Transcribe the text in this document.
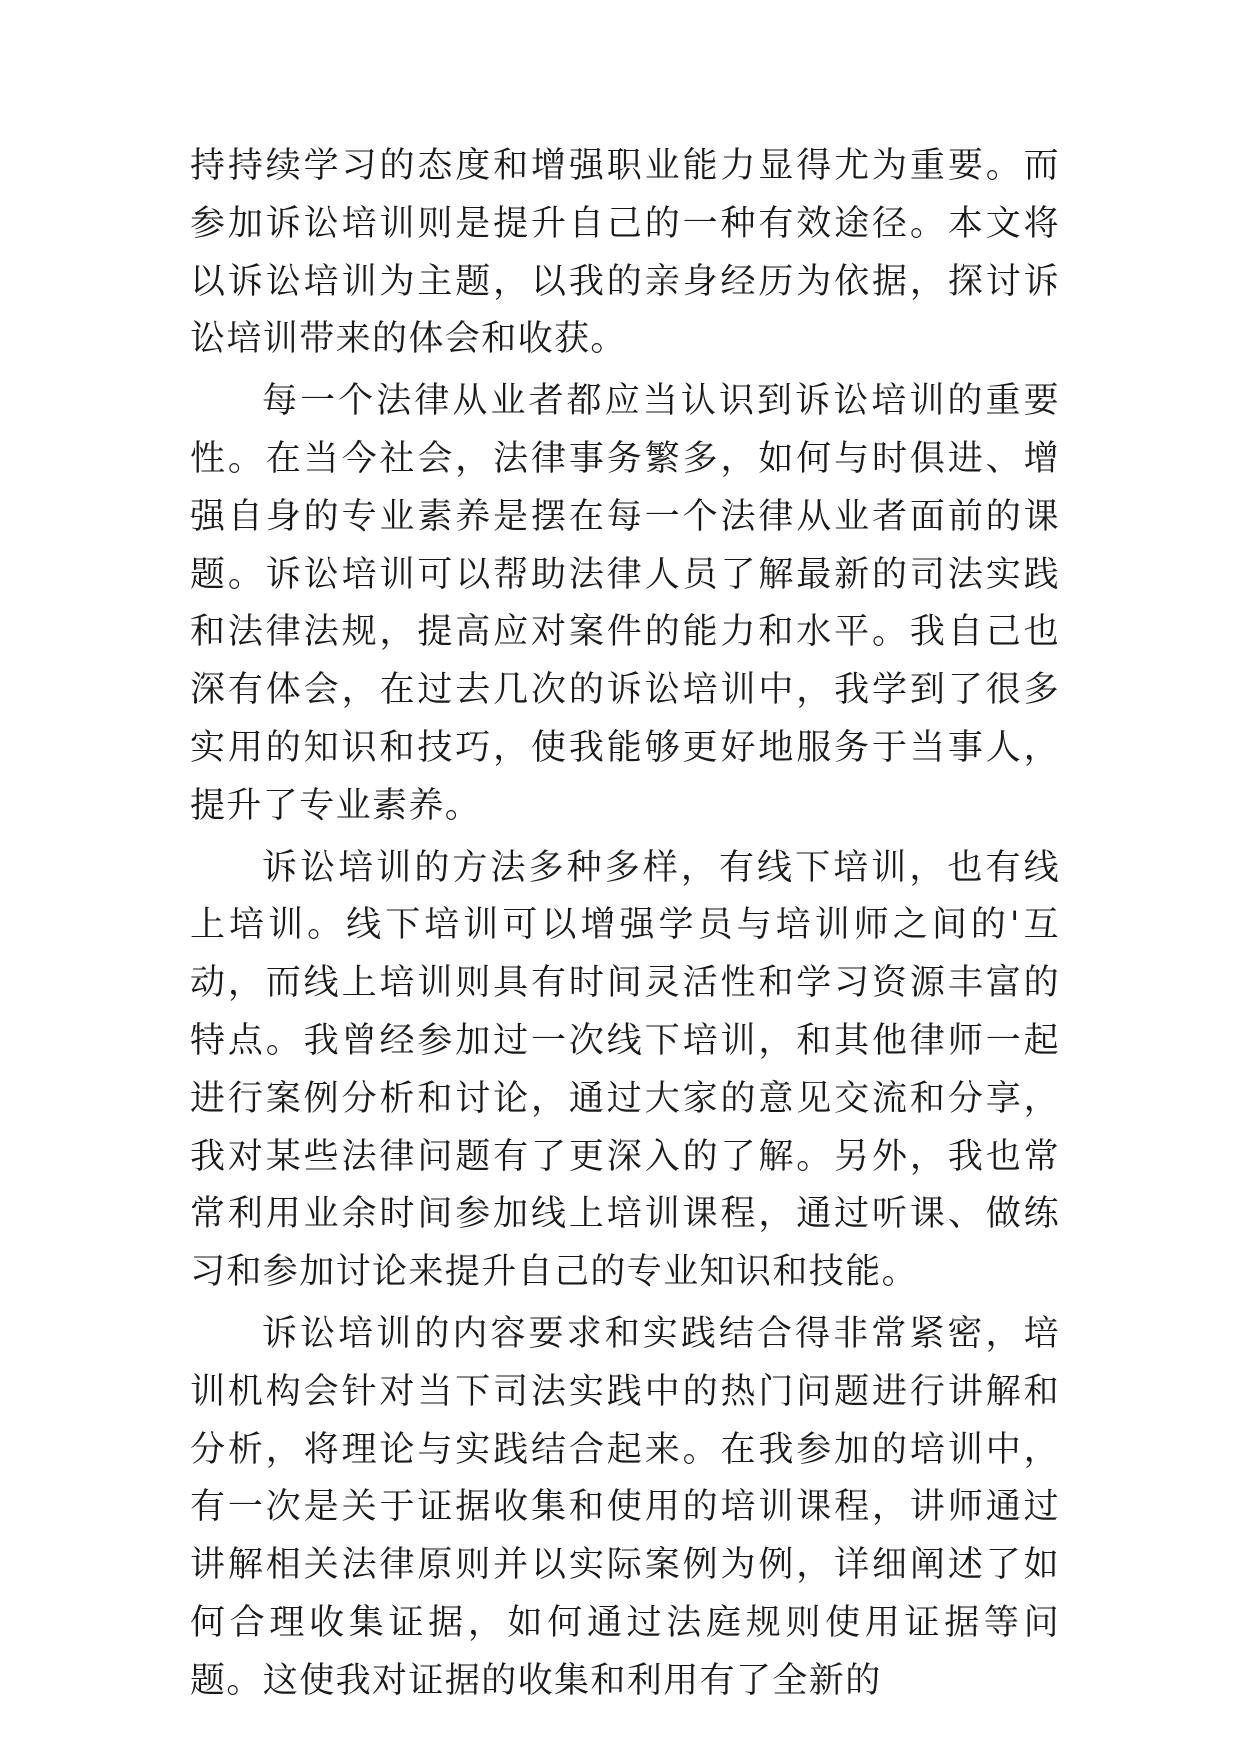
持持续学习的态度和增强职业能力显得尤为重要。而参加诉讼培训则是提升自己的一种有效途径。本文将以诉讼培训为主题，以我的亲身经历为依据，探讨诉讼培训带来的体会和收获。

每一个法律从业者都应当认识到诉讼培训的重要性。在当今社会，法律事务繁多，如何与时俱进、增强自身的专业素养是摆在每一个法律从业者面前的课题。诉讼培训可以帮助法律人员了解最新的司法实践和法律法规，提高应对案件的能力和水平。我自己也深有体会，在过去几次的诉讼培训中，我学到了很多实用的知识和技巧，使我能够更好地服务于当事人，提升了专业素养。

诉讼培训的方法多种多样，有线下培训，也有线上培训。线下培训可以增强学员与培训师之间的'互动，而线上培训则具有时间灵活性和学习资源丰富的特点。我曾经参加过一次线下培训，和其他律师一起进行案例分析和讨论，通过大家的意见交流和分享，我对某些法律问题有了更深入的了解。另外，我也常常利用业余时间参加线上培训课程，通过听课、做练习和参加讨论来提升自己的专业知识和技能。

诉讼培训的内容要求和实践结合得非常紧密，培训机构会针对当下司法实践中的热门问题进行讲解和分析，将理论与实践结合起来。在我参加的培训中，有一次是关于证据收集和使用的培训课程，讲师通过讲解相关法律原则并以实际案例为例，详细阐述了如何合理收集证据，如何通过法庭规则使用证据等问题。这使我对证据的收集和利用有了全新的
